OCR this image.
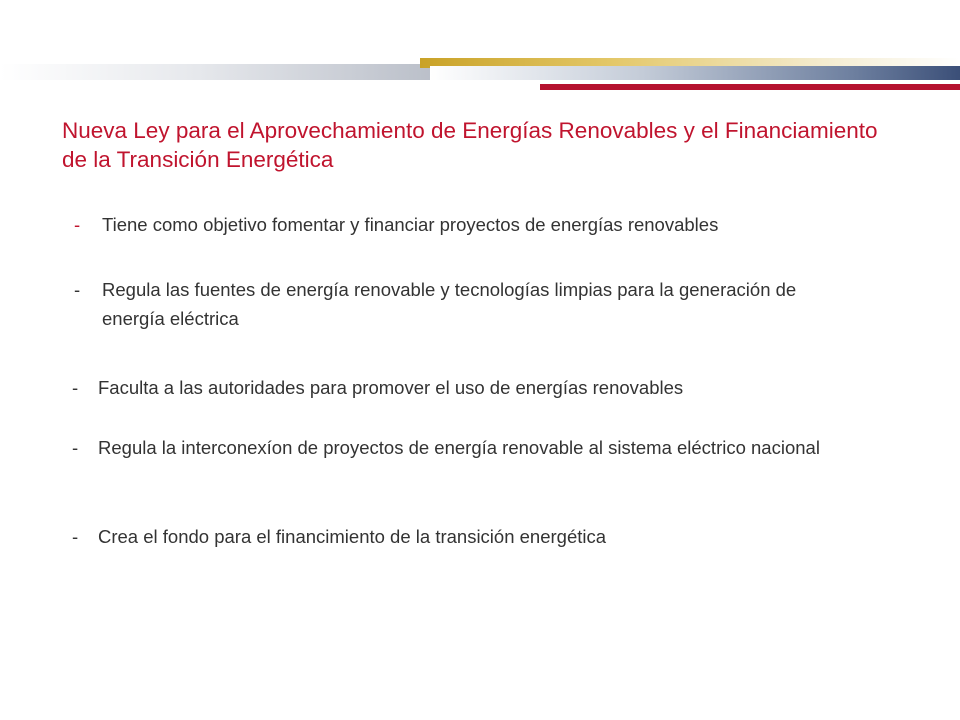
Nueva Ley para el Aprovechamiento de Energías Renovables y el Financiamiento de la Transición Energética
-	Tiene como objetivo fomentar y financiar proyectos de energías renovables
-	Regula las fuentes de energía renovable y tecnologías limpias para la generación de energía eléctrica
-	Faculta a las autoridades para promover el uso de energías renovables
-	Regula la interconexíon de proyectos de energía renovable al sistema eléctrico nacional
-	Crea el fondo para el financimiento de la transición energética
